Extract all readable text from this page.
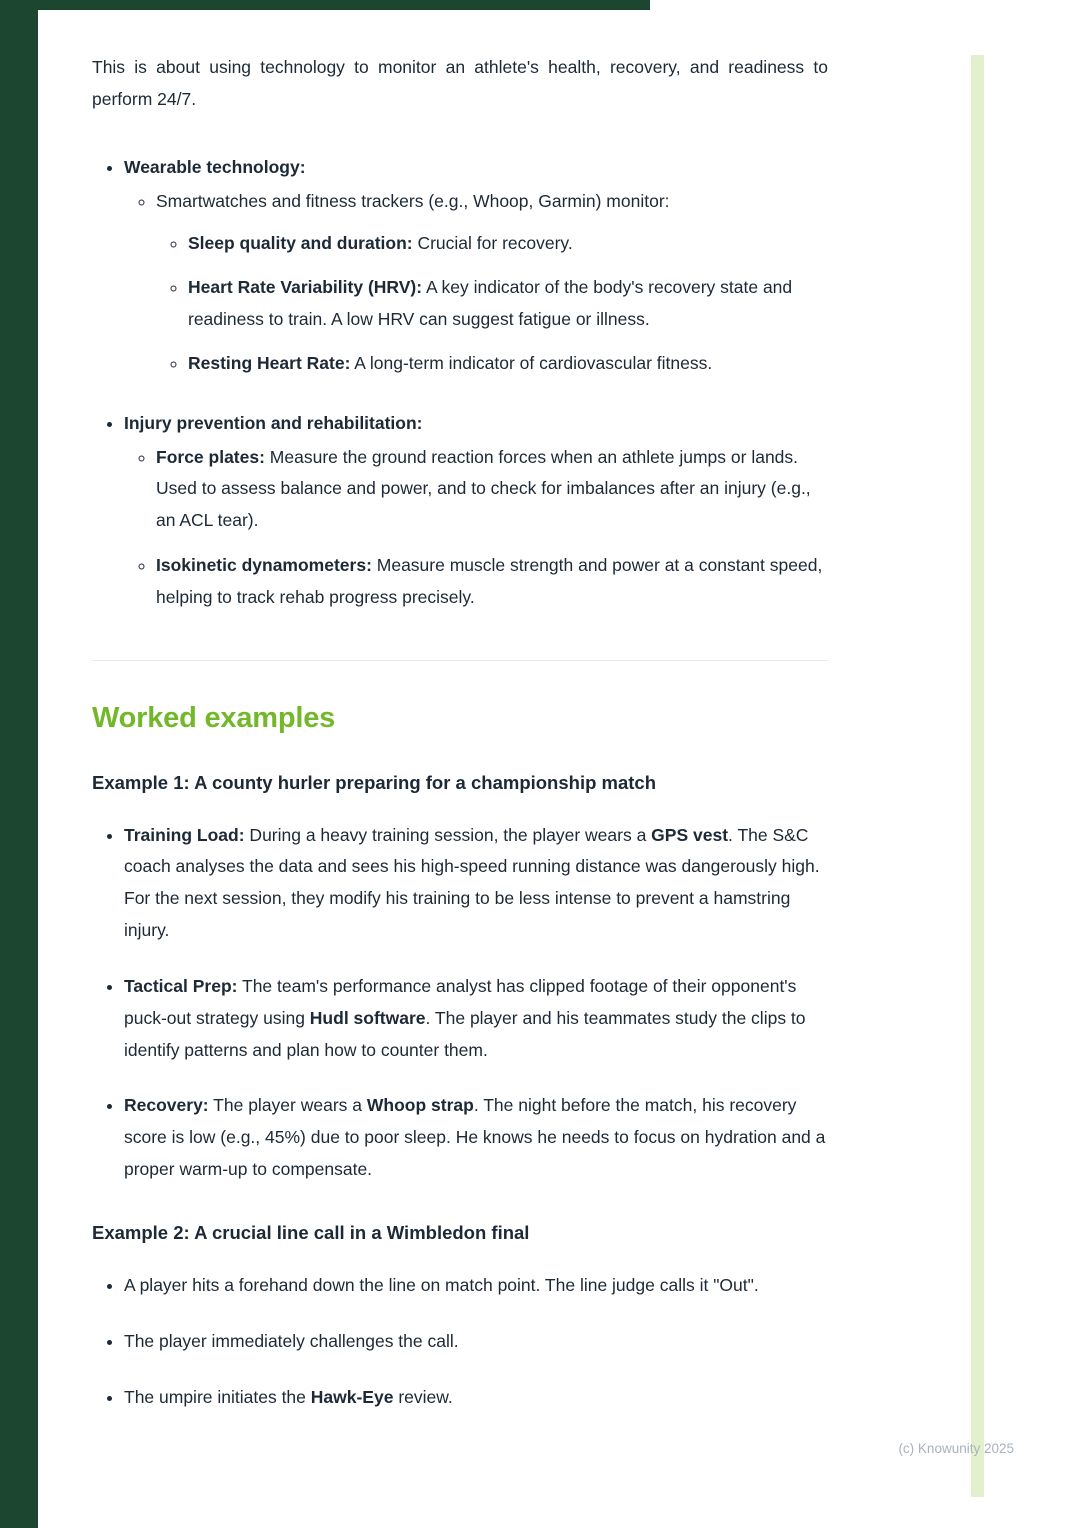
This is about using technology to monitor an athlete's health, recovery, and readiness to perform 24/7.

• Wearable technology:
◦ Smartwatches and fitness trackers (e.g., Whoop, Garmin) monitor:
◦ Sleep quality and duration: Crucial for recovery.
◦ Heart Rate Variability (HRV): A key indicator of the body's recovery state and readiness to train. A low HRV can suggest fatigue or illness.
◦ Resting Heart Rate: A long-term indicator of cardiovascular fitness.
• Injury prevention and rehabilitation:
◦ Force plates: Measure the ground reaction forces when an athlete jumps or lands. Used to assess balance and power, and to check for imbalances after an injury (e.g., an ACL tear).
◦ Isokinetic dynamometers: Measure muscle strength and power at a constant speed, helping to track rehab progress precisely.
Worked examples
Example 1: A county hurler preparing for a championship match
• Training Load: During a heavy training session, the player wears a GPS vest. The S&C coach analyses the data and sees his high-speed running distance was dangerously high. For the next session, they modify his training to be less intense to prevent a hamstring injury.
• Tactical Prep: The team's performance analyst has clipped footage of their opponent's puck-out strategy using Hudl software. The player and his teammates study the clips to identify patterns and plan how to counter them.
• Recovery: The player wears a Whoop strap. The night before the match, his recovery score is low (e.g., 45%) due to poor sleep. He knows he needs to focus on hydration and a proper warm-up to compensate.
Example 2: A crucial line call in a Wimbledon final
• A player hits a forehand down the line on match point. The line judge calls it "Out".
• The player immediately challenges the call.
• The umpire initiates the Hawk-Eye review.
(c) Knowunity 2025
